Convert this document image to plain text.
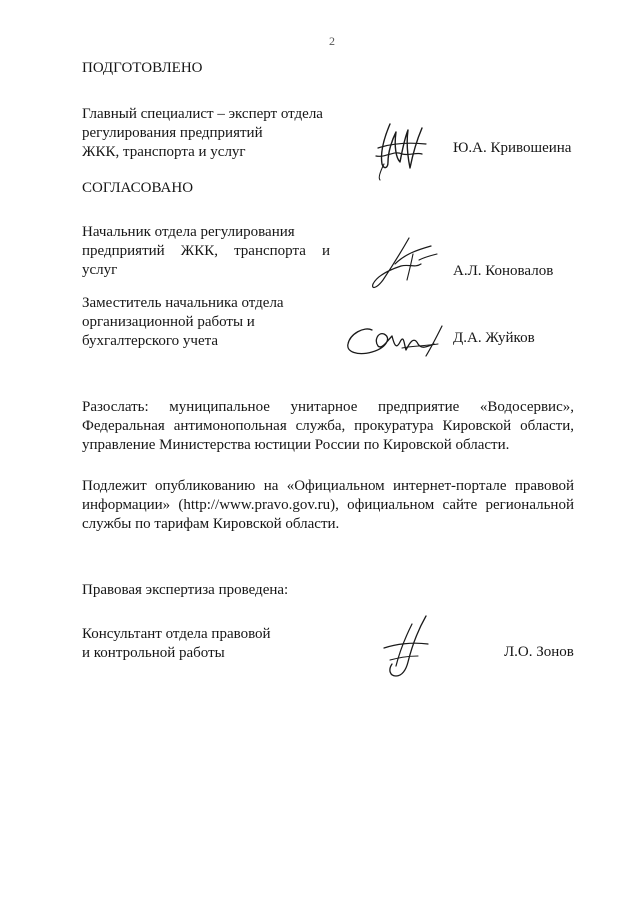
2
ПОДГОТОВЛЕНО
Главный специалист – эксперт отдела
регулирования предприятий
ЖКК, транспорта и услуг	Ю.А. Кривошеина
СОГЛАСОВАНО
Начальник отдела регулирования
предприятий ЖКК, транспорта и
услуг	А.Л. Коновалов
Заместитель начальника отдела
организационной работы и
бухгалтерского учета	Д.А. Жуйков
Разослать: муниципальное унитарное предприятие «Водосервис», Федеральная антимонопольная служба, прокуратура Кировской области, управление Министерства юстиции России по Кировской области.
Подлежит опубликованию на «Официальном интернет-портале правовой информации» (http://www.pravo.gov.ru), официальном сайте региональной службы по тарифам Кировской области.
Правовая экспертиза проведена:
Консультант отдела правовой
и контрольной работы	Л.О. Зонов
